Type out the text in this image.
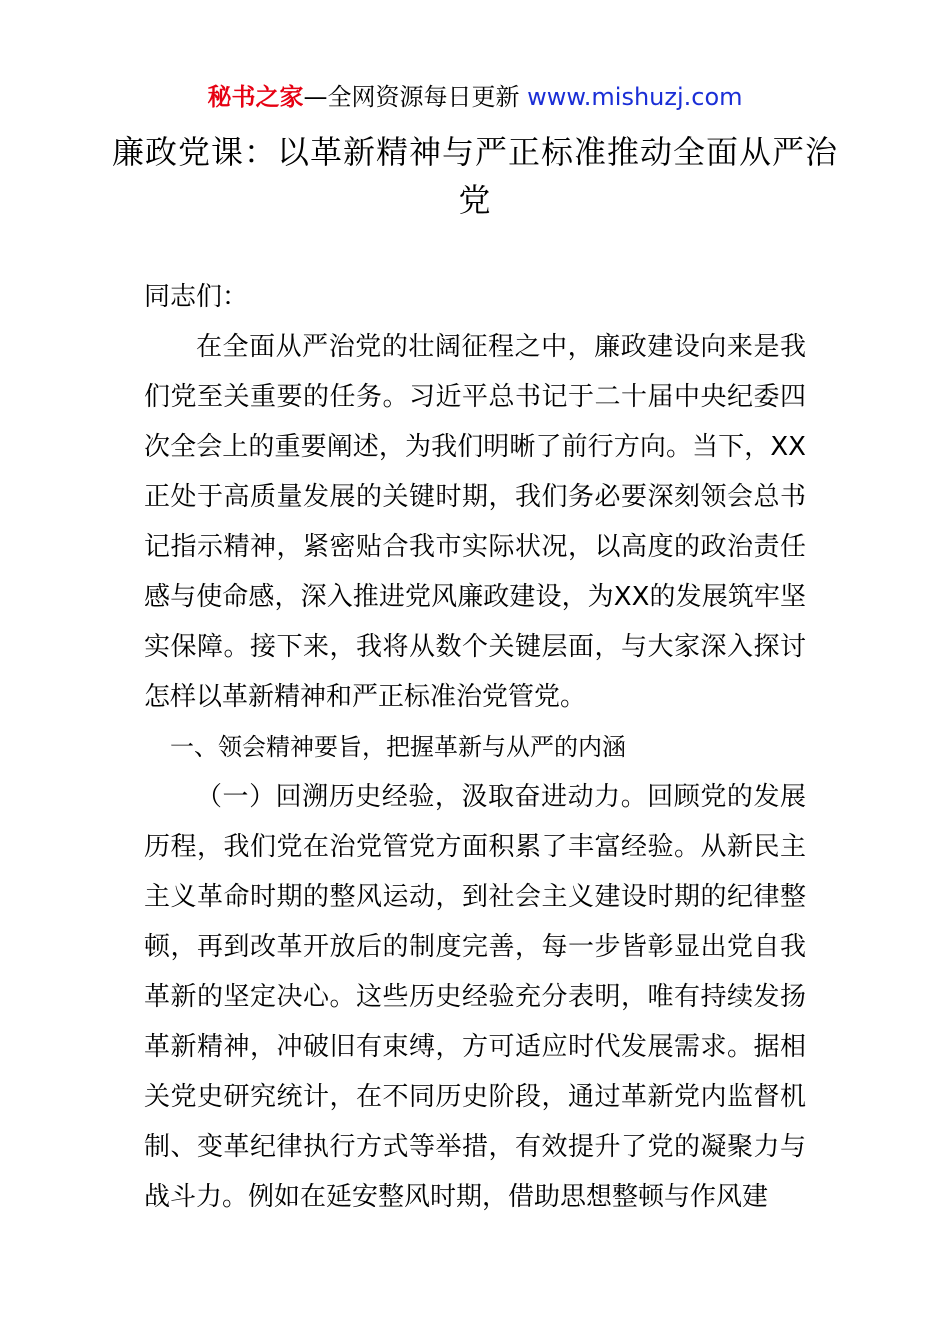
秘书之家—全网资源每日更新 www.mishuzj.com
廉政党课：以革新精神与严正标准推动全面从严治党

同志们：

在全面从严治党的壮阔征程之中，廉政建设向来是我们党至关重要的任务。习近平总书记于二十届中央纪委四次全会上的重要阐述，为我们明晰了前行方向。当下，XX正处于高质量发展的关键时期，我们务必要深刻领会总书记指示精神，紧密贴合我市实际状况，以高度的政治责任感与使命感，深入推进党风廉政建设，为XX的发展筑牢坚实保障。接下来，我将从数个关键层面，与大家深入探讨怎样以革新精神和严正标准治党管党。

一、领会精神要旨，把握革新与从严的内涵

（一）回溯历史经验，汲取奋进动力。回顾党的发展历程，我们党在治党管党方面积累了丰富经验。从新民主主义革命时期的整风运动，到社会主义建设时期的纪律整顿，再到改革开放后的制度完善，每一步皆彰显出党自我革新的坚定决心。这些历史经验充分表明，唯有持续发扬革新精神，冲破旧有束缚，方可适应时代发展需求。据相关党史研究统计，在不同历史阶段，通过革新党内监督机制、变革纪律执行方式等举措，有效提升了党的凝聚力与战斗力。例如在延安整风时期，借助思想整顿与作风建
